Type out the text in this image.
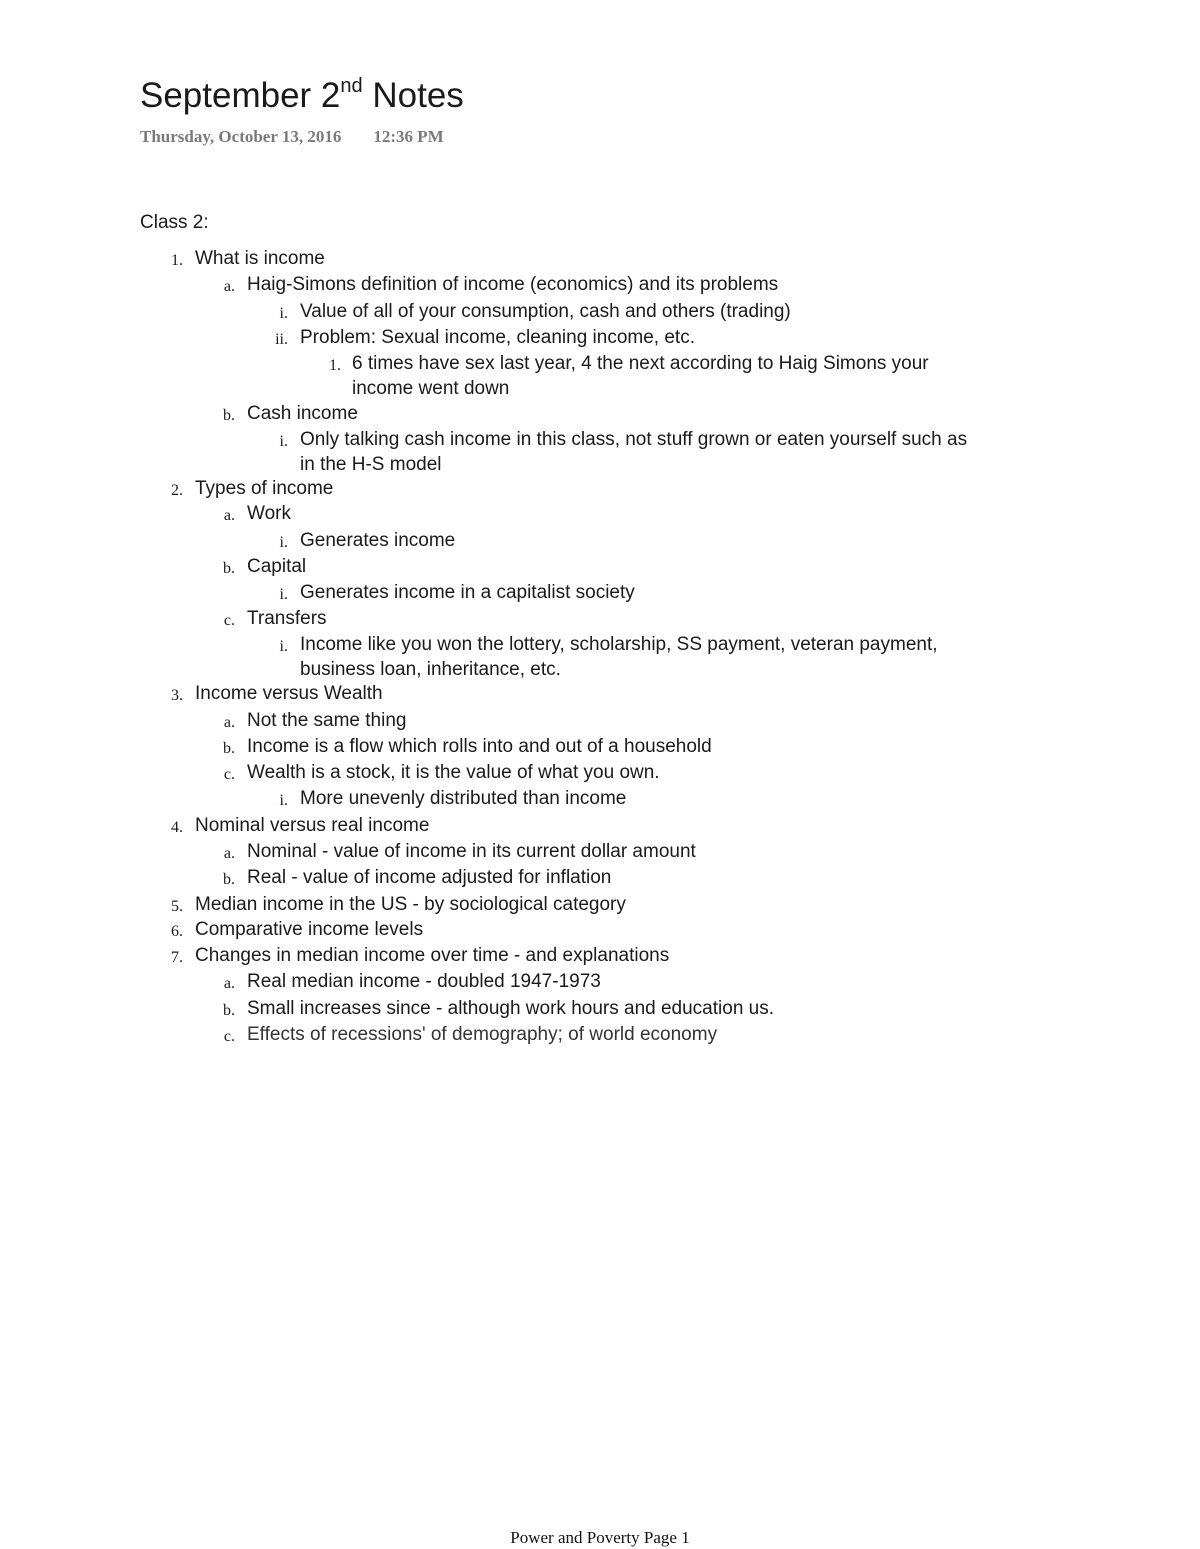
September 2nd Notes
Thursday, October 13, 2016 12:36 PM
Class 2:
1. What is income
a. Haig-Simons definition of income (economics) and its problems
i. Value of all of your consumption, cash and others (trading)
ii. Problem: Sexual income, cleaning income, etc.
1. 6 times have sex last year, 4 the next according to Haig Simons your
income went down
b. Cash income
i. Only talking cash income in this class, not stuff grown or eaten yourself such as
in the H-S model
2. Types of income
a. Work
i. Generates income
b. Capital
i. Generates income in a capitalist society
c. Transfers
i. Income like you won the lottery, scholarship, SS payment, veteran payment,
business loan, inheritance, etc.
3. Income versus Wealth
a. Not the same thing
b. Income is a flow which rolls into and out of a household
c. Wealth is a stock, it is the value of what you own.
i. More unevenly distributed than income
4. Nominal versus real income
a. Nominal - value of income in its current dollar amount
b. Real - value of income adjusted for inflation
5. Median income in the US - by sociological category
6. Comparative income levels
7. Changes in median income over time - and explanations
a. Real median income - doubled 1947-1973
b. Small increases since - although work hours and education us.
c. Effects of recessions' of demography; of world economy
Power and Poverty Page 1
